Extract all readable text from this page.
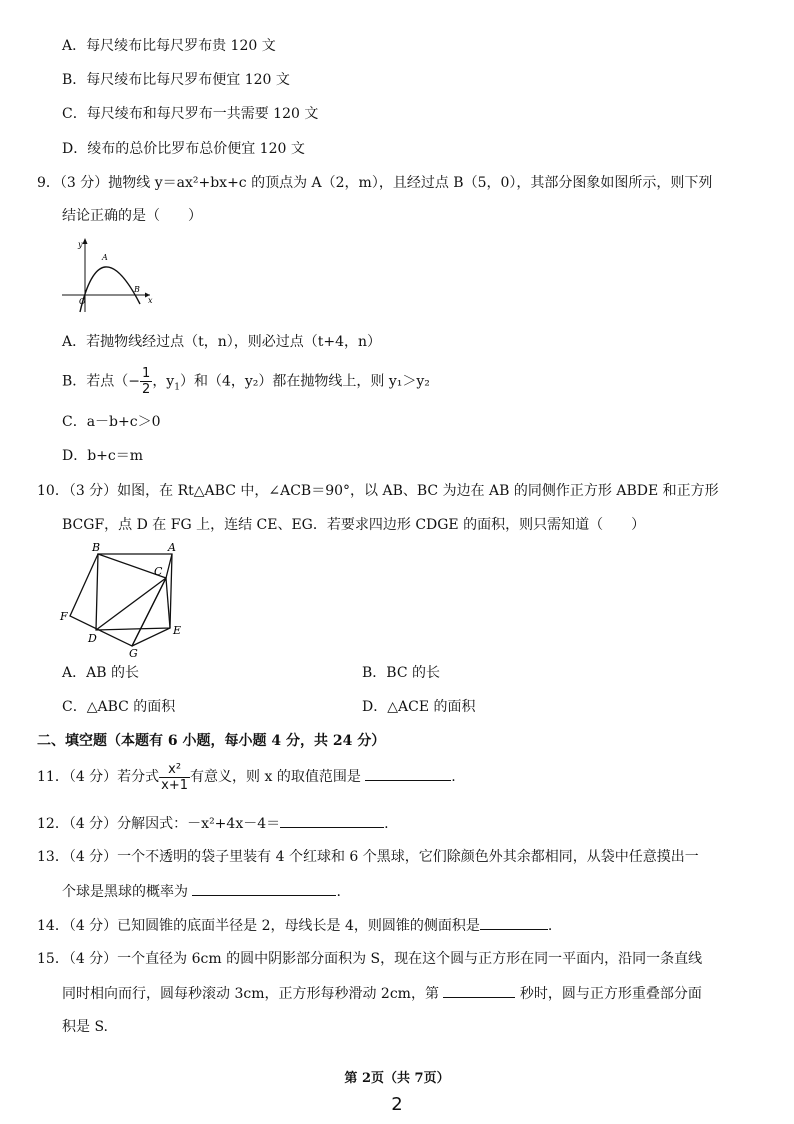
A．每尺绫布比每尺罗布贵 120 文
B．每尺绫布比每尺罗布便宜 120 文
C．每尺绫布和每尺罗布一共需要 120 文
D．绫布的总价比罗布总价便宜 120 文
9．（3 分）抛物线 y＝ax²+bx+c 的顶点为 A（2，m），且经过点 B（5，0），其部分图象如图所示，则下列
结论正确的是（　　）
y
A
O
B
x
A．若抛物线经过点（t，n），则必过点（t+4，n）
B．若点（− $\frac{1}{2}$ ，$y_1$）和（4，y₂）都在抛物线上，则 y₁＞y₂
C．a－b+c＞0
D．b+c＝m
10．（3 分）如图，在 Rt△ABC 中，∠ACB＝90°，以 AB、BC 为边在 AB 的同侧作正方形 ABDE 和正方形
BCGF，点 D 在 FG 上，连结 CE、EG．若要求四边形 CDGE 的面积，则只需知道（　　）
B	A
C
F
D
E
G
A．AB 的长	B．BC 的长
C．△ABC 的面积	D．△ACE 的面积
二、填空题（本题有 6 小题，每小题 4 分，共 24 分）
11．（4 分）若分式 $\frac{\text{x²}}{x+1}$ 有意义，则 x 的取值范围是	.
12．（4 分）分解因式：－x²+4x－4＝	.
13．（4 分）一个不透明的袋子里装有 4 个红球和 6 个黑球，它们除颜色外其余都相同，从袋中任意摸出一
个球是黑球的概率为	.
14．（4 分）已知圆锥的底面半径是 2，母线长是 4，则圆锥的侧面积是	.
15．（4 分）一个直径为 6cm 的圆中阴影部分面积为 S，现在这个圆与正方形在同一平面内，沿同一条直线
同时相向而行，圆每秒滚动 3cm，正方形每秒滑动 2cm，第	秒时，圆与正方形重叠部分面
积是 S.
第 2页（共 7页）
2
